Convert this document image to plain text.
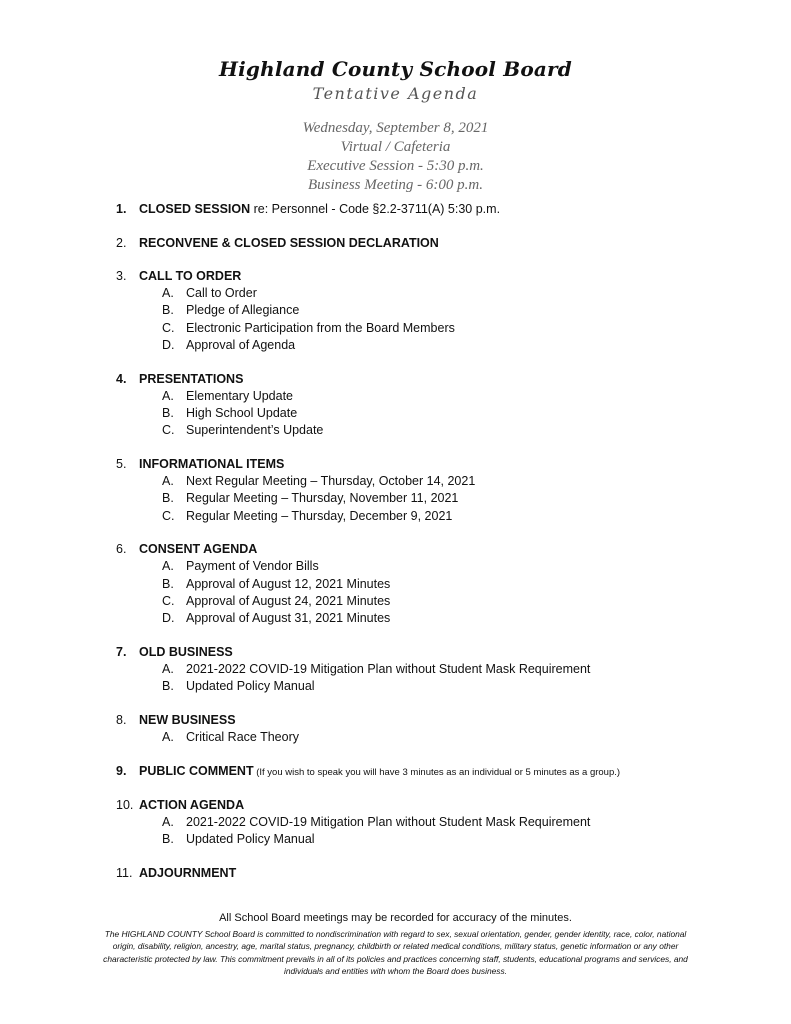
Highland County School Board
Tentative Agenda
Wednesday, September 8, 2021
Virtual / Cafeteria
Executive Session - 5:30 p.m.
Business Meeting - 6:00 p.m.
1.	CLOSED SESSION re: Personnel - Code §2.2-3711(A) 5:30 p.m.
2.	RECONVENE & CLOSED SESSION DECLARATION
3.	CALL TO ORDER
A. Call to Order
B. Pledge of Allegiance
C. Electronic Participation from the Board Members
D. Approval of Agenda
4.	PRESENTATIONS
A. Elementary Update
B. High School Update
C. Superintendent’s Update
5.	INFORMATIONAL ITEMS
A. Next Regular Meeting – Thursday, October 14, 2021
B. Regular Meeting – Thursday, November 11, 2021
C. Regular Meeting – Thursday, December 9, 2021
6.	CONSENT AGENDA
A. Payment of Vendor Bills
B. Approval of August 12, 2021 Minutes
C. Approval of August 24, 2021 Minutes
D. Approval of August 31, 2021 Minutes
7.	OLD BUSINESS
A. 2021-2022 COVID-19 Mitigation Plan without Student Mask Requirement
B. Updated Policy Manual
8.	NEW BUSINESS
A. Critical Race Theory
9.	PUBLIC COMMENT (If you wish to speak you will have 3 minutes as an individual or 5 minutes as a group.)
10. ACTION AGENDA
A. 2021-2022 COVID-19 Mitigation Plan without Student Mask Requirement
B. Updated Policy Manual
11. ADJOURNMENT
All School Board meetings may be recorded for accuracy of the minutes.
The HIGHLAND COUNTY School Board is committed to nondiscrimination with regard to sex, sexual orientation, gender, gender identity, race, color, national origin, disability, religion, ancestry, age, marital status, pregnancy, childbirth or related medical conditions, military status, genetic information or any other characteristic protected by law. This commitment prevails in all of its policies and practices concerning staff, students, educational programs and services, and individuals and entities with whom the Board does business.
